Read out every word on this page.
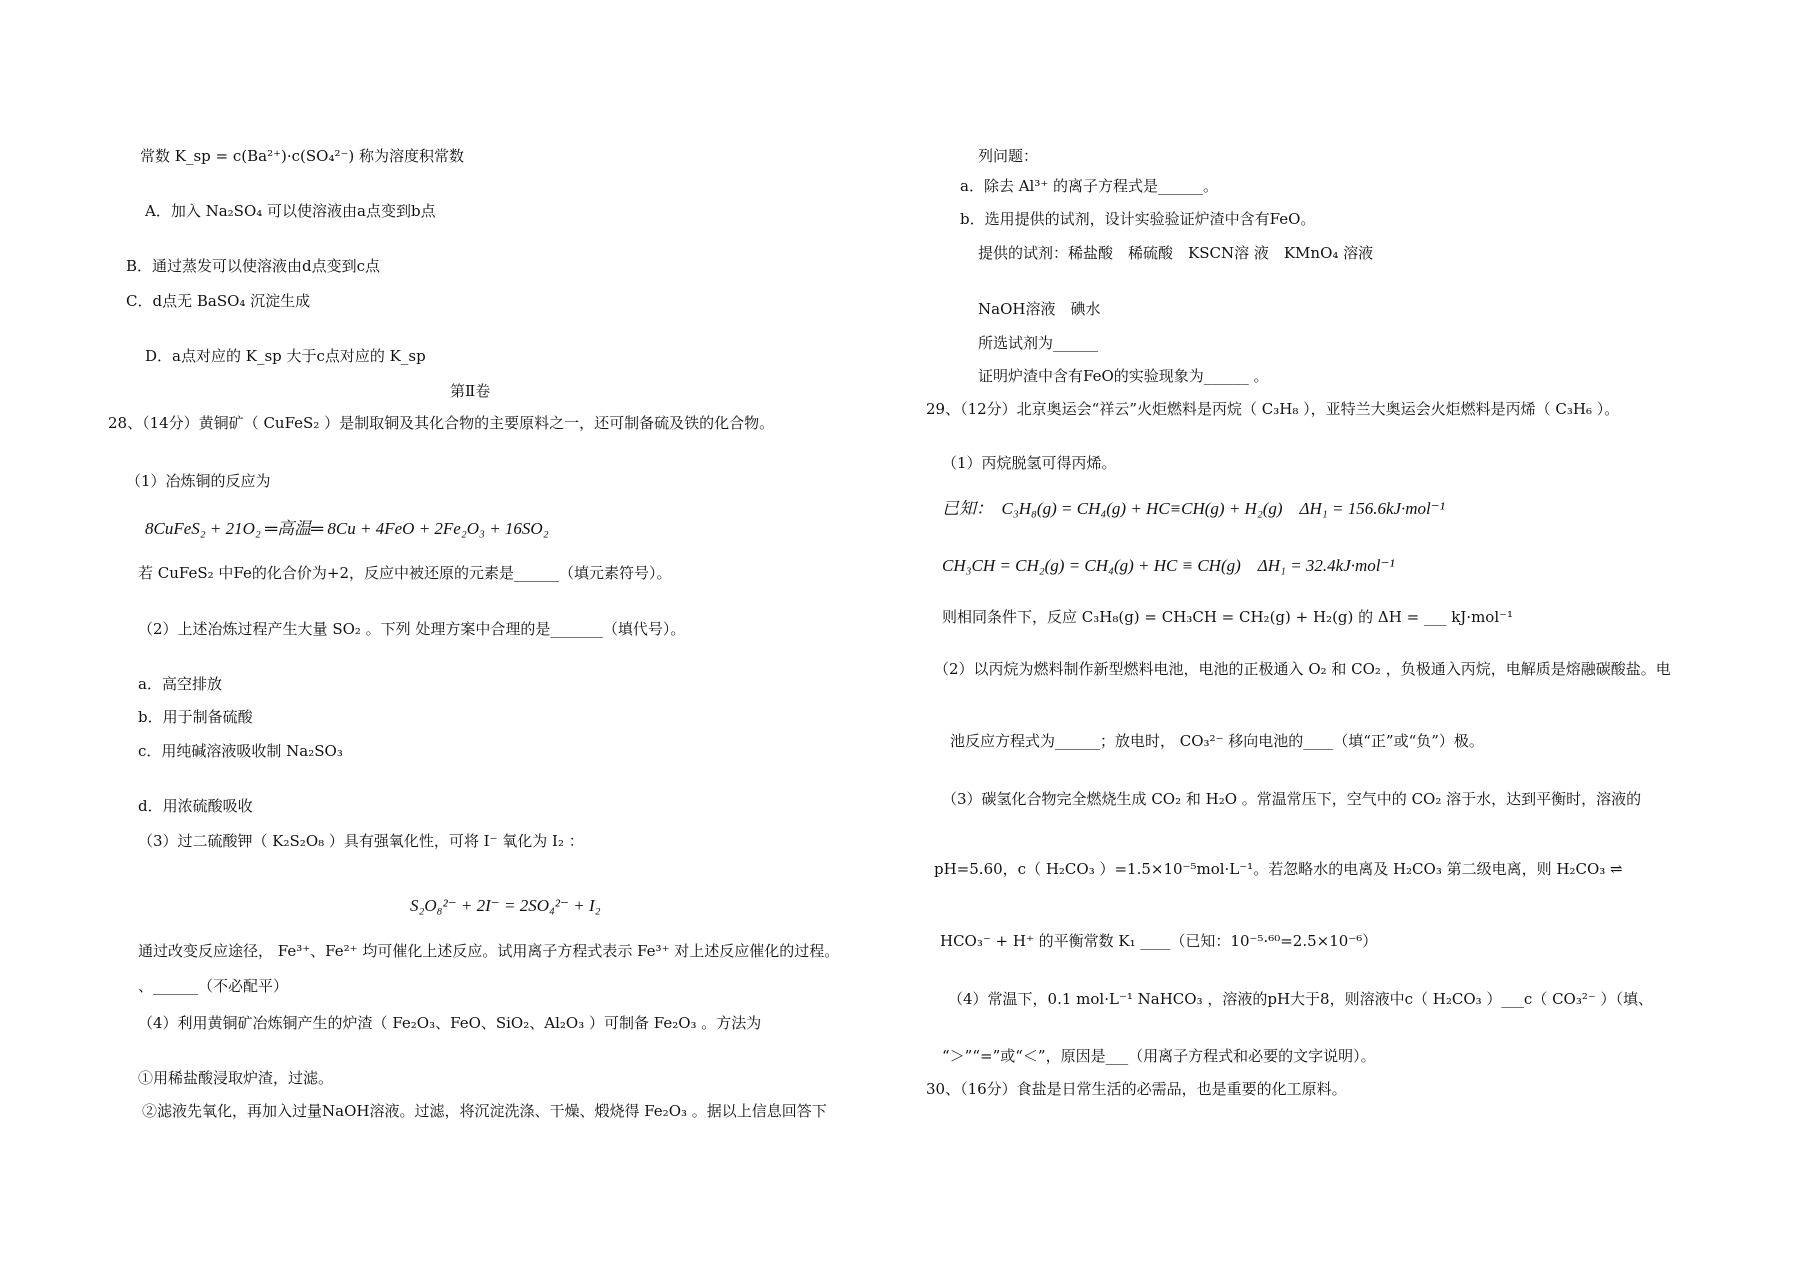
常数 K_sp = c(Ba²⁺)·c(SO₄²⁻) 称为溶度积常数
A．加入 Na₂SO₄ 可以使溶液由a点变到b点
B．通过蒸发可以使溶液由d点变到c点
C．d点无 BaSO₄ 沉淀生成
D．a点对应的 K_sp 大于c点对应的 K_sp
第Ⅱ卷
28、（14分）黄铜矿（ CuFeS₂ ）是制取铜及其化合物的主要原料之一，还可制备硫及铁的化合物。
（1）冶炼铜的反应为
8CuFeS₂ + 21O₂ ═高温═ 8Cu + 4FeO + 2Fe₂O₃ + 16SO₂
若 CuFeS₂ 中Fe的化合价为+2，反应中被还原的元素是______（填元素符号）。
（2）上述冶炼过程产生大量 SO₂ 。下列 处理方案中合理的是_______（填代号）。
a．高空排放
b．用于制备硫酸
c．用纯碱溶液吸收制 Na₂SO₃
d．用浓硫酸吸收
（3）过二硫酸钾（ K₂S₂O₈ ）具有强氧化性，可将 I⁻ 氧化为 I₂ ：
S₂O₈²⁻ + 2I⁻ = 2SO₄²⁻ + I₂
通过改变反应途径， Fe³⁺、Fe²⁺ 均可催化上述反应。试用离子方程式表示 Fe³⁺ 对上述反应催化的过程。
、______（不必配平）
（4）利用黄铜矿冶炼铜产生的炉渣（ Fe₂O₃、FeO、SiO₂、Al₂O₃ ）可制备 Fe₂O₃ 。方法为
①用稀盐酸浸取炉渣，过滤。
②滤液先氧化，再加入过量NaOH溶液。过滤，将沉淀洗涤、干燥、煅烧得 Fe₂O₃ 。据以上信息回答下
列问题：
a．除去 Al³⁺ 的离子方程式是______。
b．选用提供的试剂，设计实验验证炉渣中含有FeO。
提供的试剂：稀盐酸　稀硫酸　KSCN溶 液　KMnO₄ 溶液
NaOH溶液　碘水
所选试剂为______
证明炉渣中含有FeO的实验现象为______ 。
29、（12分）北京奥运会“祥云”火炬燃料是丙烷（ C₃H₈ ），亚特兰大奥运会火炬燃料是丙烯（ C₃H₆ ）。
（1）丙烷脱氢可得丙烯。
已知：　C₃H₈(g) = CH₄(g) + HC≡CH(g) + H₂(g)　ΔH₁ = 156.6kJ·mol⁻¹
CH₃CH = CH₂(g) = CH₄(g) + HC ≡ CH(g)　ΔH₁ = 32.4kJ·mol⁻¹
则相同条件下，反应 C₃H₈(g) = CH₃CH = CH₂(g) + H₂(g) 的 ΔH = ___ kJ·mol⁻¹
（2）以丙烷为燃料制作新型燃料电池，电池的正极通入 O₂ 和 CO₂ ，负极通入丙烷，电解质是熔融碳酸盐。电
池反应方程式为______；放电时， CO₃²⁻ 移向电池的____（填“正”或“负”）极。
（3）碳氢化合物完全燃烧生成 CO₂ 和 H₂O 。常温常压下，空气中的 CO₂ 溶于水，达到平衡时，溶液的
pH=5.60，c（ H₂CO₃ ）=1.5×10⁻⁵mol·L⁻¹。若忽略水的电离及 H₂CO₃ 第二级电离，则 H₂CO₃ ⇌
HCO₃⁻ + H⁺ 的平衡常数 K₁ ____（已知：10⁻⁵·⁶⁰=2.5×10⁻⁶）
（4）常温下，0.1 mol·L⁻¹ NaHCO₃ ，溶液的pH大于8，则溶液中c（ H₂CO₃ ）___c（ CO₃²⁻ ）（填、
“＞”“=”或“＜”，原因是___（用离子方程式和必要的文字说明）。
30、（16分）食盐是日常生活的必需品，也是重要的化工原料。
